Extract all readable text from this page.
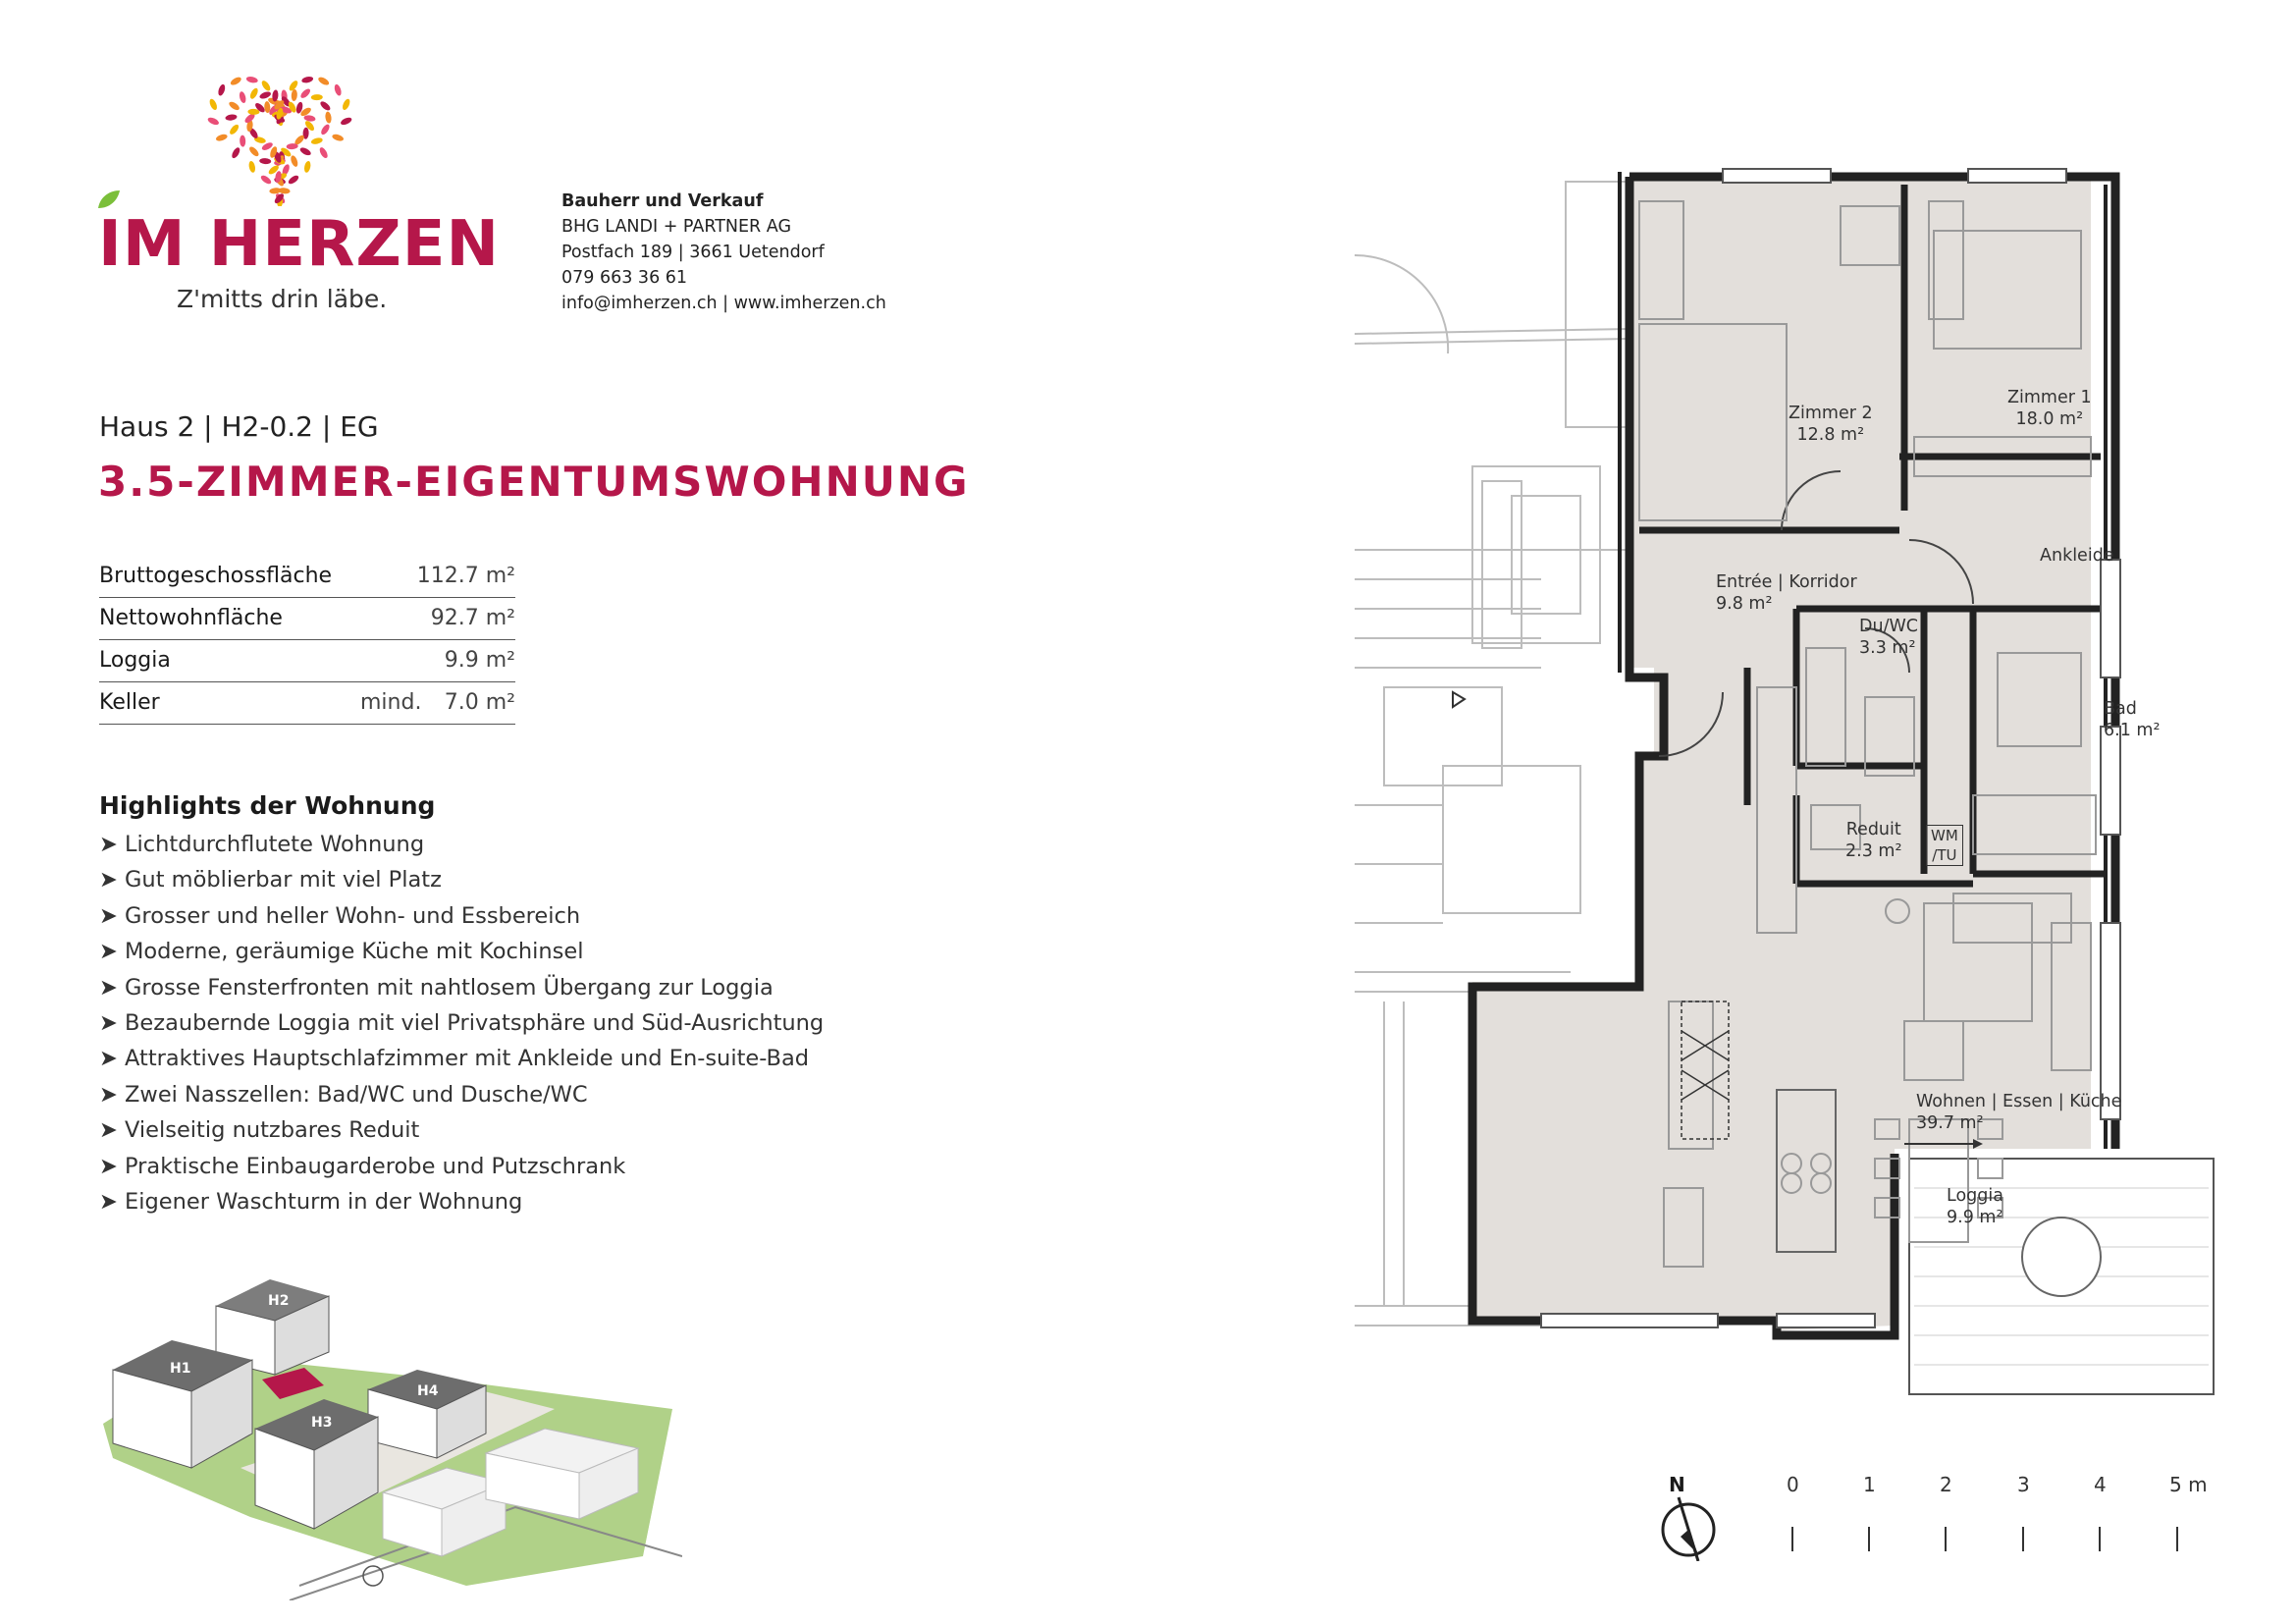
IM HERZEN
Z'mitts drin läbe.
Bauherr und Verkauf
BHG LANDI + PARTNER AG
Postfach 189 | 3661 Uetendorf
079 663 36 61
info@imherzen.ch | www.imherzen.ch
Haus 2 | H2-0.2 | EG
3.5-ZIMMER-EIGENTUMSWOHNUNG
Bruttogeschossfläche	112.7 m²
Nettowohnfläche	92.7 m²
Loggia	9.9 m²
Keller	mind. 7.0 m²
Highlights der Wohnung
➤ Lichtdurchflutete Wohnung
➤ Gut möblierbar mit viel Platz
➤ Grosser und heller Wohn- und Essbereich
➤ Moderne, geräumige Küche mit Kochinsel
➤ Grosse Fensterfronten mit nahtlosem Übergang zur Loggia
➤ Bezaubernde Loggia mit viel Privatsphäre und Süd-Ausrichtung
➤ Attraktives Hauptschlafzimmer mit Ankleide und En-suite-Bad
➤ Zwei Nasszellen: Bad/WC und Dusche/WC
➤ Vielseitig nutzbares Reduit
➤ Praktische Einbaugarderobe und Putzschrank
➤ Eigener Waschturm in der Wohnung
H2
H1
H4
H3
Zimmer 2
12.8 m²
Zimmer 1
18.0 m²
Ankleide
Entrée | Korridor
9.8 m²
Du/WC
3.3 m²
Bad
6.1 m²
Reduit
2.3 m²
WM
/TU
Wohnen | Essen | Küche
39.7 m²
Loggia
9.9 m²
N	0	1	2	3	4	5 m
